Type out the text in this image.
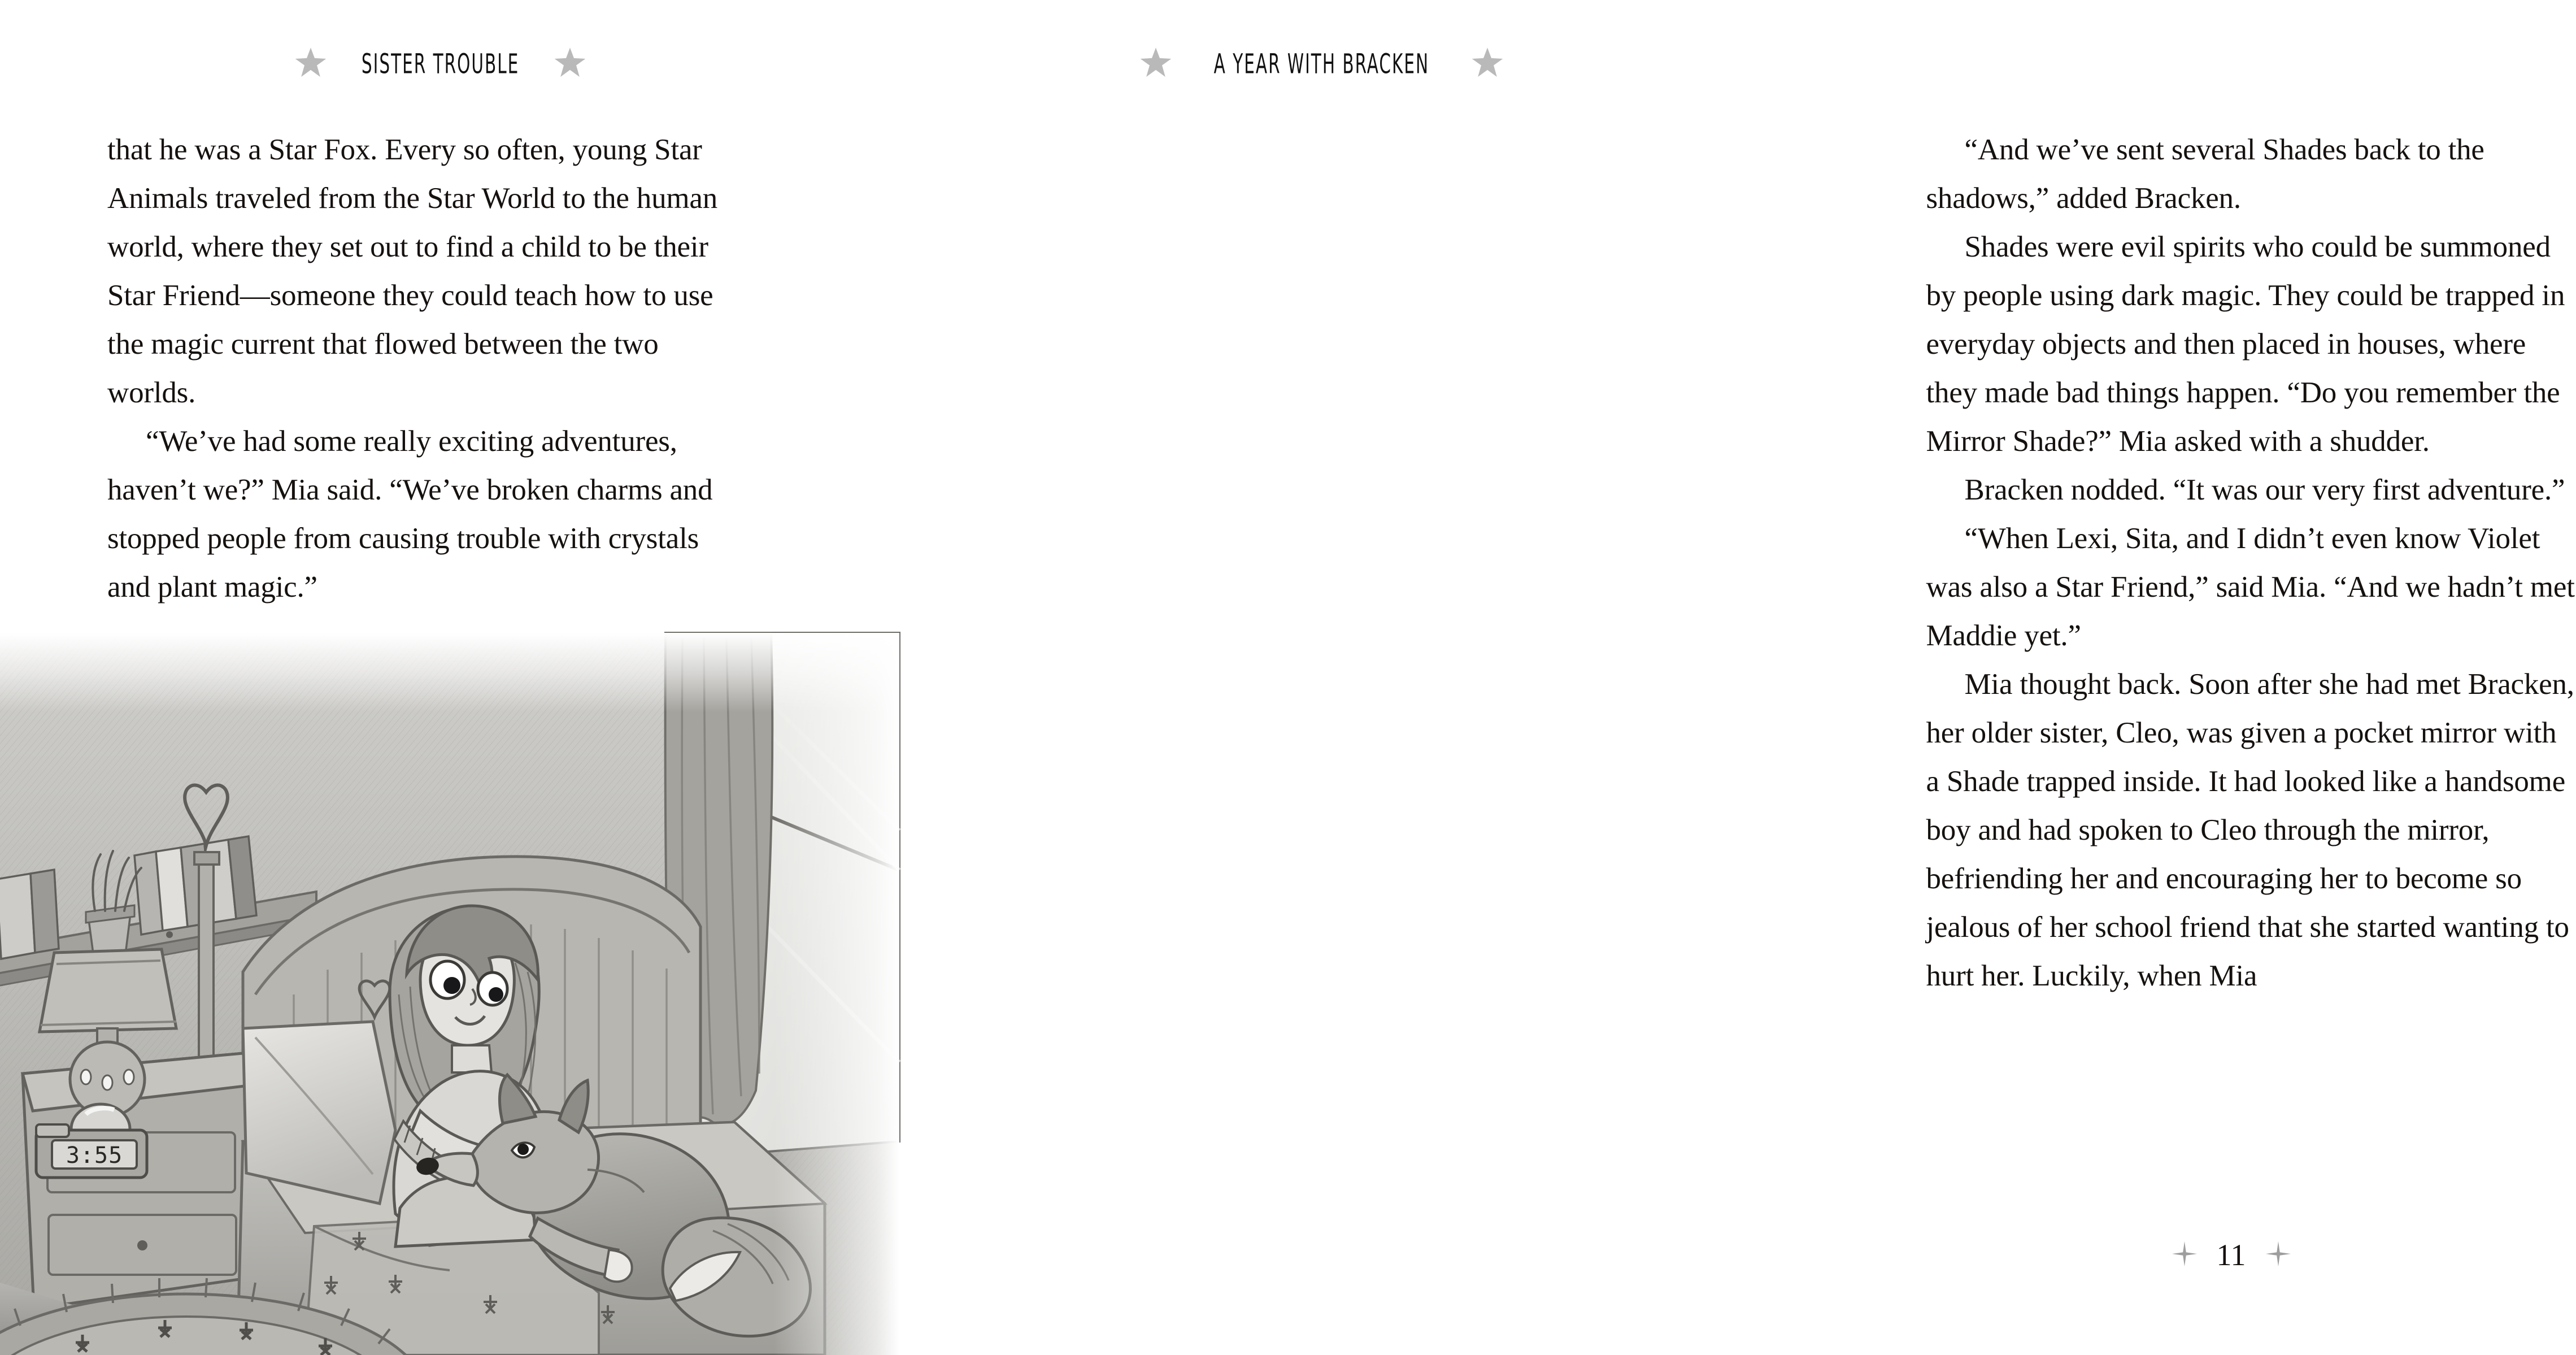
SISTER TROUBLE

that he was a Star Fox. Every so often, young Star Animals traveled from the Star World to the human world, where they set out to find a child to be their Star Friend—someone they could teach how to use the magic current that flowed between the two worlds.

“We’ve had some really exciting adventures, haven’t we?” Mia said. “We’ve broken charms and stopped people from causing trouble with crystals and plant magic.”

A YEAR WITH BRACKEN

“And we’ve sent several Shades back to the shadows,” added Bracken.

Shades were evil spirits who could be summoned by people using dark magic. They could be trapped in everyday objects and then placed in houses, where they made bad things happen. “Do you remember the Mirror Shade?” Mia asked with a shudder.

Bracken nodded. “It was our very first adventure.”

“When Lexi, Sita, and I didn’t even know Violet was also a Star Friend,” said Mia. “And we hadn’t met Maddie yet.”

Mia thought back. Soon after she had met Bracken, her older sister, Cleo, was given a pocket mirror with a Shade trapped inside. It had looked like a handsome boy and had spoken to Cleo through the mirror, befriending her and encouraging her to become so jealous of her school friend that she started wanting to hurt her. Luckily, when Mia

11
